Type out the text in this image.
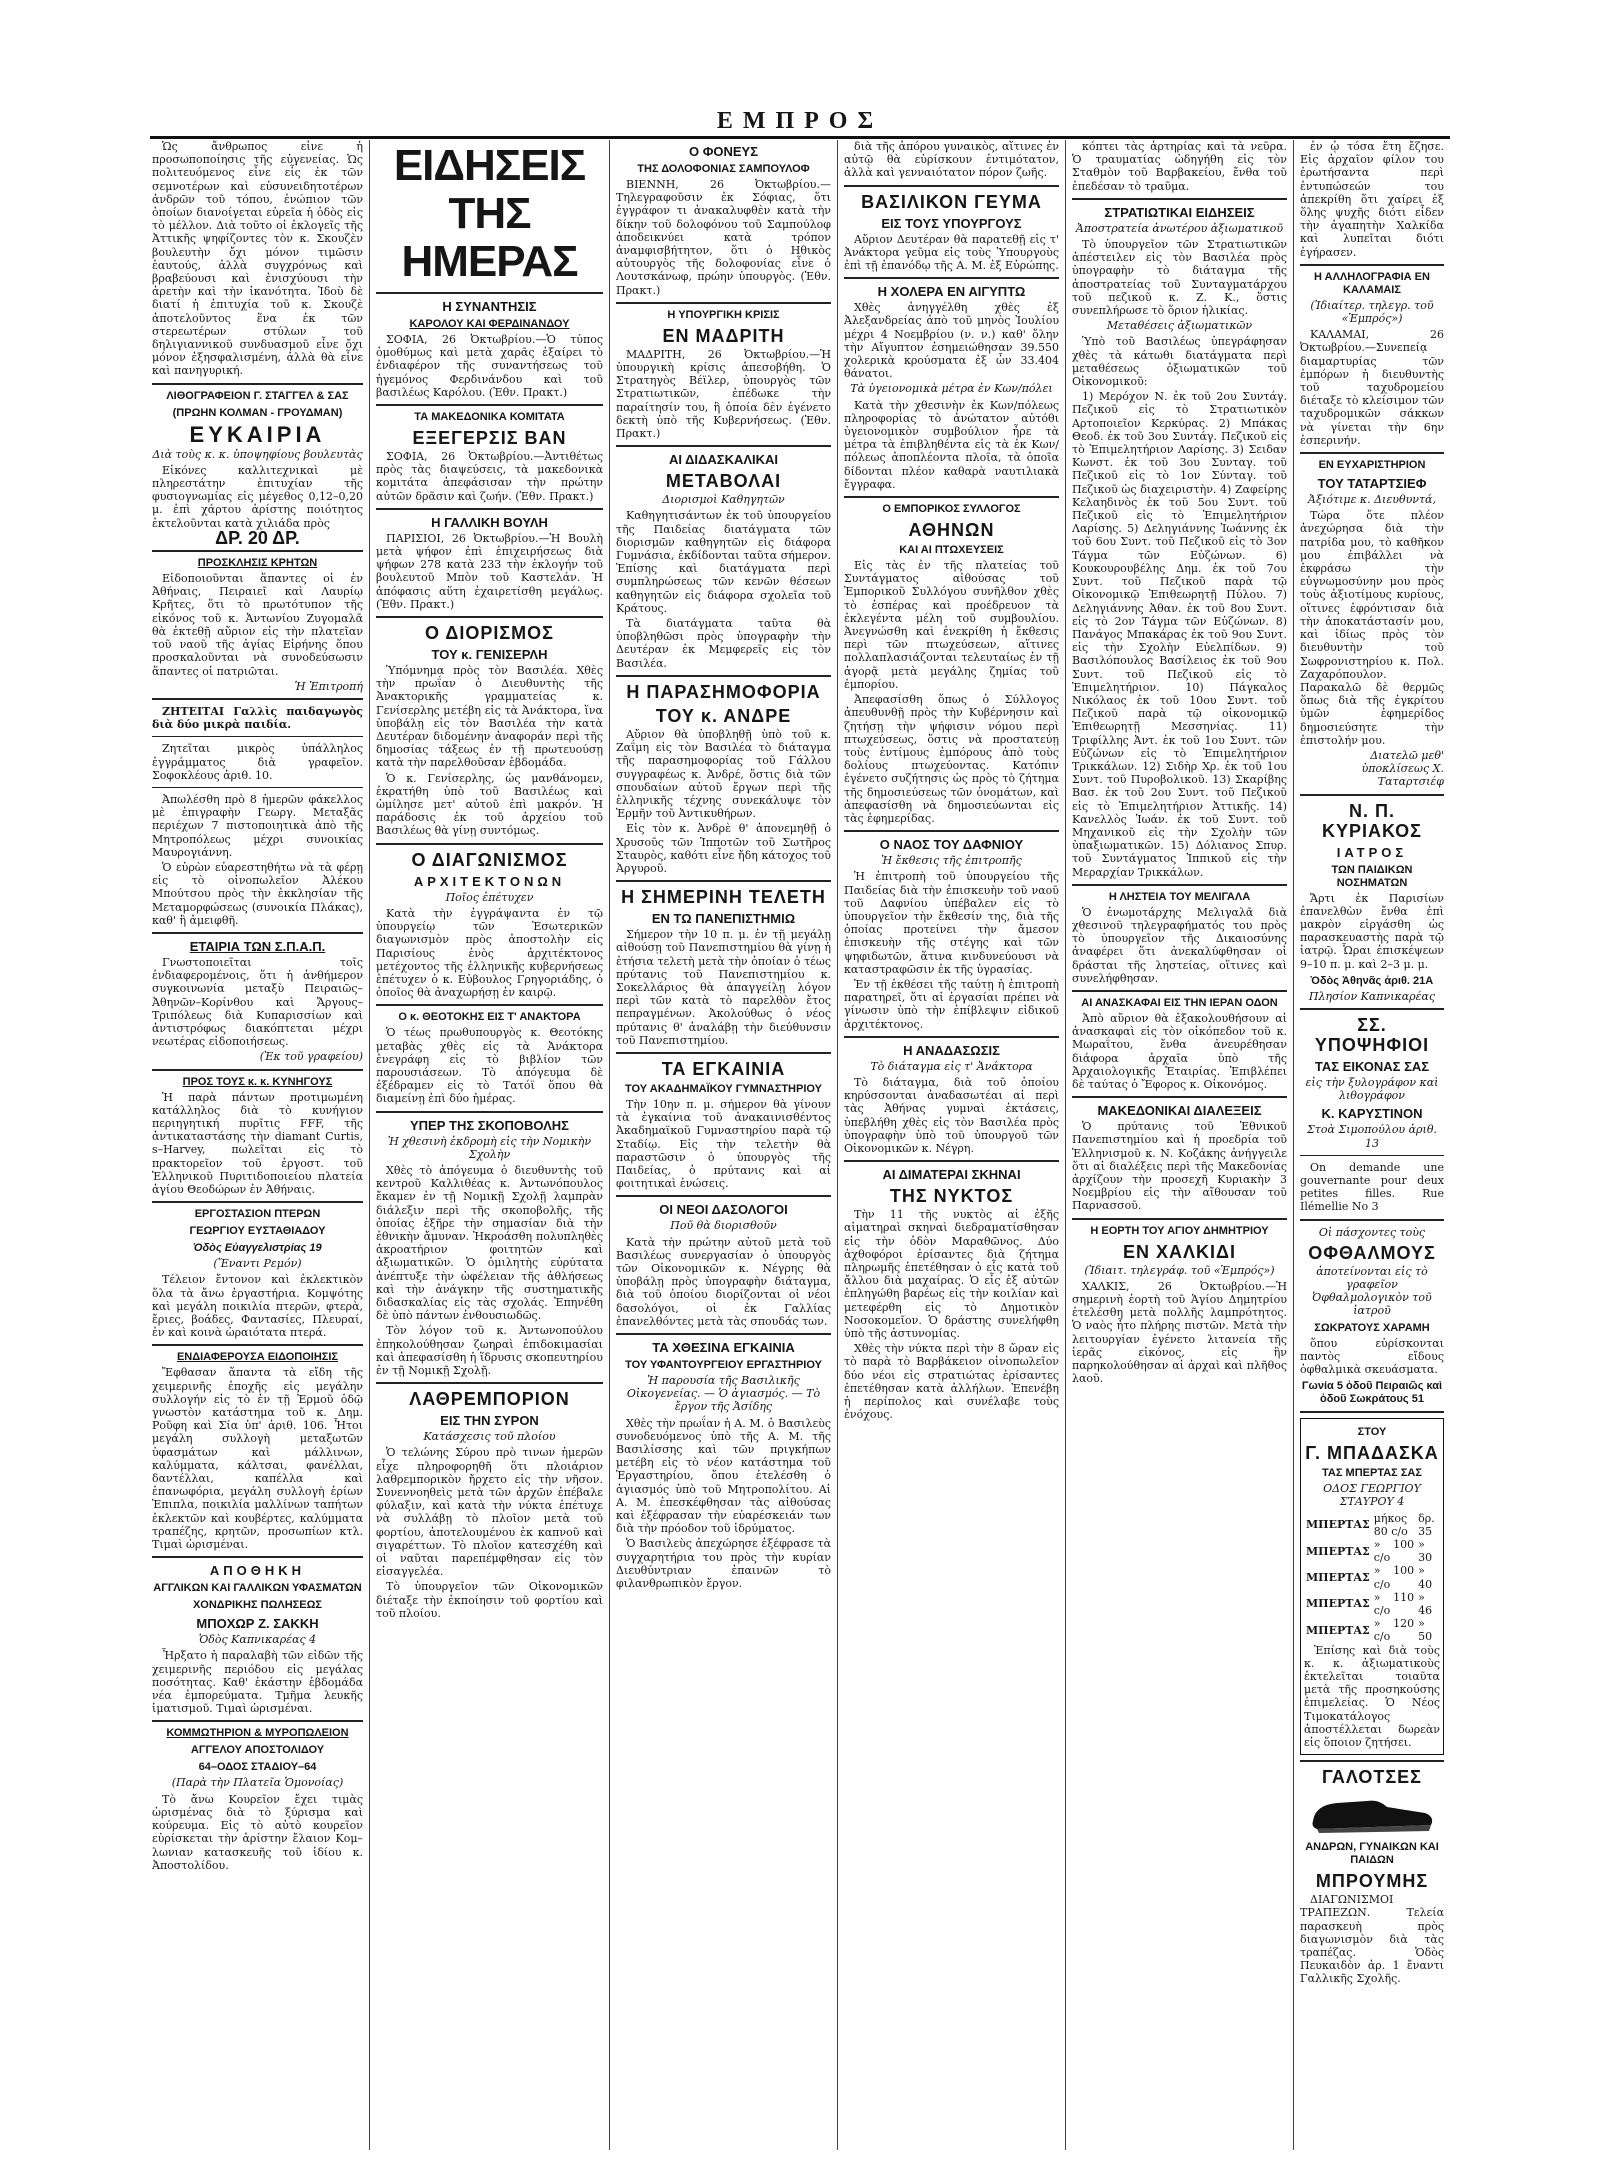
ΕΜΠΡΟΣ

Ὡς ἄνθρωπος εἶνε ἡ προσωποποίησις τῆς εὐγενείας. Ὡς πολιτευόμενος εἶνε εἷς ἐκ τῶν σεμνοτέρων καὶ εὐσυνειδητοτέρων ἀνδρῶν τοῦ τόπου, ἐνώπιον τῶν ὁποίων διανοίγεται εὐρεῖα ἡ ὁδὸς εἰς τὸ μέλλον. Διὰ τοῦτο οἱ ἐκλογεῖς τῆς Ἀττικῆς ψηφίζοντες τὸν κ. Σκουζὲν βουλευτὴν ὄχι μόνον τιμῶσιν ἑαυτούς, ἀλλὰ συγχρόνως καὶ βραβεύουσι καὶ ἐνισχύουσι τὴν ἀρετὴν καὶ τὴν ἱκανότητα. Ἰδοὺ δὲ διατί ἡ ἐπιτυχία τοῦ κ. Σκουζὲ ἀποτελοῦντος ἕνα ἐκ τῶν στερεωτέρων στύλων τοῦ δηλιγιαννικοῦ συνδυασμοῦ εἶνε ὄχι μόνον ἐξησφαλισμένη, ἀλλὰ θὰ εἶνε καὶ πανηγυρική.

ΛΙΘΟΓΡΑΦΕΙΟΝ Γ. ΣΤΑΓΓΕΛ & ΣΑΣ
(ΠΡΩΗΝ ΚΟΛΜΑΝ - ΓΡΟΥΔΜΑΝ)
ΕΥΚΑΙΡΙΑ
Διὰ τοὺς κ. κ. ὑποψηφίους βουλευτὰς

Εἰκόνες καλλιτεχνικαὶ μὲ πληρεστάτην ἐπιτυχίαν τῆς φυσιογνωμίας εἰς μέγεθος 0,12–0,20 μ. ἐπὶ χάρτου ἀρίστης ποιότητος ἐκτελοῦνται κατὰ χιλιάδα πρὸς

ΔΡ. 20 ΔΡ.
ΠΡΟΣΚΛΗΣΙΣ ΚΡΗΤΩΝ

Εἰδοποιοῦνται ἅπαντες οἱ ἐν Ἀθήναις, Πειραιεῖ καὶ Λαυρίῳ Κρῆτες, ὅτι τὸ πρωτότυπον τῆς εἰκόνος τοῦ κ. Ἀντωνίου Ζυγομαλᾶ θὰ ἐκτεθῇ αὔριον εἰς τὴν πλατεῖαν τοῦ ναοῦ τῆς ἁγίας Εἰρήνης ὅπου προσκαλοῦνται νὰ συνοδεύσωσιν ἅπαντες οἱ πατριῶται.

Ἡ Ἐπιτροπή

ΖΗΤΕΙΤΑΙ Γαλλὶς παιδαγωγὸς διὰ δύο μικρὰ παιδία.

Ζητεῖται μικρὸς ὑπάλληλος ἐγγράμματος διὰ γραφεῖον. Σοφοκλέους ἀριθ. 10.

Ἀπωλέσθη πρὸ 8 ἡμερῶν φάκελλος μὲ ἐπιγραφὴν Γεωργ. Μεταξᾶς περιέχων 7 πιστοποιητικὰ ἀπὸ τῆς Μητροπόλεως μέχρι συνοικίας Μαυρογιάννη.

Ὁ εὑρὼν εὐαρεστηθήτω νὰ τὰ φέρῃ εἰς τὸ οἰνοπωλεῖον Ἀλέκου Μπούτσου πρὸς τὴν ἐκκλησίαν τῆς Μεταμορφώσεως (συνοικία Πλάκας), καθ' ἣ ἀμειφθῆ.

ΕΤΑΙΡΙΑ ΤΩΝ Σ.Π.Α.Π.

Γνωστοποιεῖται τοῖς ἐνδιαφερομένοις, ὅτι ἡ ἀνθήμερον συγκοινωνία μεταξὺ Πειραιῶς–Ἀθηνῶν–Κορίνθου καὶ Ἄργους–Τριπόλεως διὰ Κυπαρισσίων καὶ ἀντιστρόφως διακόπτεται μέχρι νεωτέρας εἰδοποιήσεως.

(Ἐκ τοῦ γραφείου)
ΠΡΟΣ ΤΟΥΣ κ. κ. ΚΥΝΗΓΟΥΣ

Ἡ παρὰ πάντων προτιμωμένη κατάλληλος διὰ τὸ κυνήγιον περιηγητική πυρῖτις FFF, τῆς ἀντικαταστάσης τὴν diamant Curtis, s–Harvey, πωλεῖται εἰς τὸ πρακτορεῖον τοῦ ἐργοστ. τοῦ Ἑλληνικοῦ Πυριτιδοποιείου πλατεία ἁγίου Θεοδώρων ἐν Ἀθήναις.

ΕΡΓΟΣΤΑΣΙΟΝ ΠΤΕΡΩΝ
ΓΕΩΡΓΙΟΥ ΕΥΣΤΑΘΙΑΔΟΥ
Ὁδὸς Εὐαγγελιστρίας 19
(Ἔναντι Ρεμόν)

Τέλειον ἔντονον καὶ ἐκλεκτικὸν ὅλα τὰ ἄνω ἐργαστήρια. Κομψότης καὶ μεγάλη ποικιλία πτερῶν, φτερὰ, ἔριες, βοάδες, Φαντασίες, Πλευραί, ἐν καὶ κοινὰ ὡραιότατα πτερά.

ΕΝΔΙΑΦΕΡΟΥΣΑ ΕΙΔΟΠΟΙΗΣΙΣ

Ἔφθασαν ἅπαντα τὰ εἴδη τῆς χειμερινῆς ἐποχῆς εἰς μεγάλην συλλογήν εἰς τὸ ἐν τῇ Ἑρμοῦ ὁδῷ γνωστὸν κατάστημα τοῦ κ. Δημ. Ροῦφη καὶ Σία ὑπ' ἀριθ. 106. Ἦτοι μεγάλη συλλογὴ μεταξωτῶν ὑφασμάτων καὶ μάλλινων, καλύμματα, κάλτσαι, φανέλλαι, δαντέλλαι, καπέλλα καὶ ἐπανωφόρια, μεγάλη συλλογὴ ἐρίων Ἐπιπλα, ποικιλία μαλλίνων ταπήτων ἐκλεκτῶν καὶ κουβέρτες, καλύμματα τραπέζης, κρητῶν, προσωπίων κτλ. Τιμαὶ ὡρισμέναι.

ΑΠΟΘΗΚΗ
ΑΓΓΛΙΚΩΝ ΚΑΙ ΓΑΛΛΙΚΩΝ ΥΦΑΣΜΑΤΩΝ
ΧΟΝΔΡΙΚΗΣ ΠΩΛΗΣΕΩΣ
ΜΠΟΧΩΡ Ζ. ΣΑΚΚΗ
Ὁδὸς Καπνικαρέας 4

Ἦρξατο ἡ παραλαβὴ τῶν εἰδῶν τῆς χειμερινῆς περιόδου εἰς μεγάλας ποσότητας. Καθ' ἑκάστην ἑβδομάδα νέα ἐμπορεύματα. Τμῆμα λευκῆς ἱματισμοῦ. Τιμαὶ ὡρισμέναι.

ΚΟΜΜΩΤΗΡΙΟΝ & ΜΥΡΟΠΩΛΕΙΟΝ
ΑΓΓΕΛΟΥ ΑΠΟΣΤΟΛΙΔΟΥ
64–ΟΔΟΣ ΣΤΑΔΙΟΥ–64
(Παρὰ τὴν Πλατεῖα Ὁμονοίας)

Τὸ ἄνω Κουρεῖον ἔχει τιμὰς ὡρισμένας διὰ τὸ ξύρισμα καὶ κούρευμα. Εἰς τὸ αὐτὸ κουρεῖον εὑρίσκεται τὴν ἀρίστην ἔλαιον Κομ–λωνιαν κατασκευῆς τοῦ ἰδίου κ. Ἀποστολίδου.

ΕΙΔΗΣΕΙΣ ΤΗΣ ΗΜΕΡΑΣ
Η ΣΥΝΑΝΤΗΣΙΣ
ΚΑΡΟΛΟΥ ΚΑΙ ΦΕΡΔΙΝΑΝΔΟΥ

ΣΟΦΙΑ, 26 Ὀκτωβρίου.—Ὁ τύπος ὁμοθύμως καὶ μετὰ χαρᾶς ἐξαίρει τὸ ἐνδιαφέρον τῆς συναντήσεως τοῦ ἡγεμόνος Φερδινάνδου καὶ τοῦ βασιλέως Καρόλου. (Ἐθν. Πρακτ.)

ΤΑ ΜΑΚΕΔΟΝΙΚΑ ΚΟΜΙΤΑΤΑ
ΕΞΕΓΕΡΣΙΣ ΒΑΝ

ΣΟΦΙΑ, 26 Ὀκτωβρίου.—Ἀντιθέτως πρὸς τὰς διαψεύσεις, τὰ μακεδονικὰ κομιτάτα ἀπεφάσισαν τὴν πρώτην αὐτῶν δρᾶσιν καὶ ζωήν. (Ἐθν. Πρακτ.)

Η ΓΑΛΛΙΚΗ ΒΟΥΛΗ

ΠΑΡΙΣΙΟΙ, 26 Ὀκτωβρίου.—Ἡ Βουλὴ μετὰ ψήφον ἐπὶ ἐπιχειρήσεως διὰ ψήφων 278 κατὰ 233 τὴν ἐκλογήν τοῦ βουλευτοῦ Μπὸν τοῦ Καστελάν. Ἡ ἀπόφασις αὕτη ἐχαιρετίσθη μεγάλως. (Ἐθν. Πρακτ.)

Ο ΔΙΟΡΙΣΜΟΣ
ΤΟΥ κ. ΓΕΝΙΣΕΡΛΗ

Ὑπόμνημα πρὸς τὸν Βασιλέα. Χθὲς τὴν πρωΐαν ὁ Διευθυντὴς τῆς Ἀνακτορικῆς γραμματείας κ. Γενίσερλης μετέβη εἰς τὰ Ἀνάκτορα, ἵνα ὑποβάλῃ εἰς τὸν Βασιλέα τὴν κατὰ Δευτέραν διδομένην ἀναφοράν περὶ τῆς δημοσίας τάξεως ἐν τῇ πρωτευούσῃ κατὰ τὴν παρελθοῦσαν ἑβδομάδα.

Ὁ κ. Γενίσερλης, ὡς μανθάνομεν, ἐκρατήθη ὑπὸ τοῦ Βασιλέως καὶ ὡμίλησε μετ' αὐτοῦ ἐπὶ μακρόν. Ἡ παράδοσις ἐκ τοῦ ἀρχείου τοῦ Βασιλέως θὰ γίνῃ συντόμως.

Ο ΔΙΑΓΩΝΙΣΜΟΣ
ΑΡΧΙΤΕΚΤΟΝΩΝ
Ποῖος ἐπέτυχεν

Κατὰ τὴν ἐγγράψαντα ἐν τῷ ὑπουργείῳ τῶν Ἐσωτερικῶν διαγωνισμὸν πρὸς ἀποστολὴν εἰς Παρισίους ἑνὸς ἀρχιτέκτονος μετέχοντος τῆς ἑλληνικῆς κυβερνήσεως ἐπέτυχεν ὁ κ. Εὐβουλος Γρηγοριάδης, ὁ ὁποῖος θὰ ἀναχωρήσῃ ἐν καιρῷ.

Ο κ. ΘΕΟΤΟΚΗΣ ΕΙΣ Τ' ΑΝΑΚΤΟΡΑ

Ὁ τέως πρωθυπουργὸς κ. Θεοτόκης μεταβὰς χθὲς εἰς τὰ Ἀνάκτορα ἐνεγράφη εἰς τὸ βιβλίον τῶν παρουσιάσεων. Τὸ ἀπόγευμα δὲ ἐξέδραμεν εἰς τὸ Τατόϊ ὅπου θὰ διαμείνῃ ἐπὶ δύο ἡμέρας.

ΥΠΕΡ ΤΗΣ ΣΚΟΠΟΒΟΛΗΣ
Ἡ χθεσινὴ ἐκδρομὴ εἰς τὴν Νομικὴν Σχολὴν

Χθὲς τὸ ἀπόγευμα ὁ διευθυντὴς τοῦ κεντροῦ Καλλιθέας κ. Ἀντωνόπουλος ἔκαμεν ἐν τῇ Νομικῇ Σχολῇ λαμπρὰν διάλεξιν περὶ τῆς σκοποβολῆς, τῆς ὁποίας ἐξῆρε τὴν σημασίαν διὰ τὴν ἐθνικὴν ἄμυναν. Ἠκροάσθη πολυπληθὲς ἀκροατήριον φοιτητῶν καὶ ἀξιωματικῶν. Ὁ ὁμιλητὴς εὐρύτατα ἀνέπτυξε τὴν ὠφέλειαν τῆς ἀθλήσεως καὶ τὴν ἀνάγκην τῆς συστηματικῆς διδασκαλίας εἰς τὰς σχολάς. Ἐπηνέθη δὲ ὑπὸ πάντων ἐνθουσιωδῶς.

Τὸν λόγον τοῦ κ. Ἀντωνοπούλου ἐπηκολούθησαν ζωηραὶ ἐπιδοκιμασίαι καὶ ἀπεφασίσθη ἡ ἵδρυσις σκοπευτηρίου ἐν τῇ Νομικῇ Σχολῇ.

ΛΑΘΡΕΜΠΟΡΙΟΝ
ΕΙΣ ΤΗΝ ΣΥΡΟΝ
Κατάσχεσις τοῦ πλοίου

Ὁ τελώνης Σύρου πρὸ τινων ἡμερῶν εἶχε πληροφορηθῆ ὅτι πλοιάριον λαθρεμπορικὸν ἤρχετο εἰς τὴν νῆσον. Συνεννοηθεὶς μετὰ τῶν ἀρχῶν ἐπέβαλε φύλαξιν, καὶ κατὰ τὴν νύκτα ἐπέτυχε νὰ συλλάβῃ τὸ πλοῖον μετὰ τοῦ φορτίου, ἀποτελουμένου ἐκ καπνοῦ καὶ σιγαρέττων. Τὸ πλοῖον κατεσχέθη καὶ οἱ ναῦται παρεπέμφθησαν εἰς τὸν εἰσαγγελέα.

Τὸ ὑπουργεῖον τῶν Οἰκονομικῶν διέταξε τὴν ἐκποίησιν τοῦ φορτίου καὶ τοῦ πλοίου.

Ο ΦΟΝΕΥΣ
ΤΗΣ ΔΟΛΟΦΟΝΙΑΣ ΣΑΜΠΟΥΛΟΦ

ΒΙΕΝΝΗ, 26 Ὀκτωβρίου.—Τηλεγραφοῦσιν ἐκ Σόφιας, ὅτι ἐγγράφον τι ἀνακαλυφθὲν κατὰ τὴν δίκην τοῦ δολοφόνου τοῦ Σαμπούλοφ ἀποδεικνύει κατὰ τρόπον ἀναμφισβήτητον, ὅτι ὁ Ηθικὸς αὐτουργὸς τῆς δολοφονίας εἶνε ὁ Λουτσκάνωφ, πρώην ὑπουργὸς. (Ἐθν. Πρακτ.)

Η ΥΠΟΥΡΓΙΚΗ ΚΡΙΣΙΣ
ΕΝ ΜΑΔΡΙΤΗ

ΜΑΔΡΙΤΗ, 26 Ὀκτωβρίου.—Ἡ ὑπουργικὴ κρίσις ἀπεσοβήθη. Ὁ Στρατηγὸς Βέϊλερ, ὑπουργὸς τῶν Στρατιωτικῶν, ἐπέδωκε τὴν παραίτησίν του, ἣ ὁποία δὲν ἐγένετο δεκτὴ ὑπὸ τῆς Κυβερνήσεως. (Ἐθν. Πρακτ.)

ΑΙ ΔΙΔΑΣΚΑΛΙΚΑΙ
ΜΕΤΑΒΟΛΑΙ
Διορισμοὶ Καθηγητῶν

Καθηγητισάντων ἐκ τοῦ ὑπουργείου τῆς Παιδείας διατάγματα τῶν διορισμῶν καθηγητῶν εἰς διάφορα Γυμνάσια, ἐκδίδονται ταῦτα σήμερον. Ἐπίσης καὶ διατάγματα περὶ συμπληρώσεως τῶν κενῶν θέσεων καθηγητῶν εἰς διάφορα σχολεῖα τοῦ Κράτους.

Τὰ διατάγματα ταῦτα θὰ ὑποβληθῶσι πρὸς ὑπογραφὴν τὴν Δευτέραν ἐκ Μεμφερεῖς εἰς τὸν Βασιλέα.

Η ΠΑΡΑΣΗΜΟΦΟΡΙΑ
ΤΟΥ κ. ΑΝΔΡΕ

Αὔριον θὰ ὑποβληθῇ ὑπὸ τοῦ κ. Ζαΐμη εἰς τὸν Βασιλέα τὸ διάταγμα τῆς παρασημοφορίας τοῦ Γάλλου συγγραφέως κ. Ἀνδρέ, ὅστις διὰ τῶν σπουδαίων αὐτοῦ ἔργων περὶ τῆς ἑλληνικῆς τέχνης συνεκάλυψε τὸν Ἑρμῆν τοῦ Ἀντικυθήρων.

Εἰς τὸν κ. Ἀνδρὲ θ' ἀπονεμηθῇ ὁ Χρυσοῦς τῶν Ἱπποτῶν τοῦ Σωτῆρος Σταυρὸς, καθότι εἶνε ἤδη κάτοχος τοῦ Ἀργυροῦ.

Η ΣΗΜΕΡΙΝΗ ΤΕΛΕΤΗ
ΕΝ ΤΩ ΠΑΝΕΠΙΣΤΗΜΙΩ

Σήμερον τὴν 10 π. μ. ἐν τῇ μεγάλῃ αἰθούσῃ τοῦ Πανεπιστημίου θὰ γίνῃ ἡ ἐτήσια τελετὴ μετὰ τὴν ὁποίαν ὁ τέως πρύτανις τοῦ Πανεπιστημίου κ. Σοκελλάριος θὰ ἀπαγγείλῃ λόγον περὶ τῶν κατὰ τὸ παρελθὸν ἔτος πεπραγμένων. Ἀκολούθως ὁ νέος πρύτανις θ' ἀναλάβῃ τὴν διεύθυνσιν τοῦ Πανεπιστημίου.

ΤΑ ΕΓΚΑΙΝΙΑ
ΤΟΥ ΑΚΑΔΗΜΑΪΚΟΥ ΓΥΜΝΑΣΤΗΡΙΟΥ

Τὴν 10ην π. μ. σήμερον θὰ γίνουν τὰ ἐγκαίνια τοῦ ἀνακαινισθέντος Ἀκαδημαϊκοῦ Γυμναστηρίου παρὰ τῷ Σταδίῳ. Εἰς τὴν τελετὴν θὰ παραστῶσιν ὁ ὑπουργὸς τῆς Παιδείας, ὁ πρύτανις καὶ αἱ φοιτητικαὶ ἑνώσεις.

ΟΙ ΝΕΟΙ ΔΑΣΟΛΟΓΟΙ
Ποῦ θὰ διορισθοῦν

Κατὰ τὴν πρώτην αὐτοῦ μετὰ τοῦ Βασιλέως συνεργασίαν ὁ ὑπουργὸς τῶν Οἰκονομικῶν κ. Νέγρης θὰ ὑποβάλῃ πρὸς ὑπογραφὴν διάταγμα, διὰ τοῦ ὁποίου διορίζονται οἱ νέοι δασολόγοι, οἱ ἐκ Γαλλίας ἐπανελθόντες μετὰ τὰς σπουδάς των.

ΤΑ ΧΘΕΣΙΝΑ ΕΓΚΑΙΝΙΑ
ΤΟΥ ΥΦΑΝΤΟΥΡΓΕΙΟΥ ΕΡΓΑΣΤΗΡΙΟΥ
Ἡ παρουσία τῆς Βασιλικῆς Οἰκογενείας. — Ὁ ἁγιασμός. — Τὸ ἔργον τῆς Ἀσίδης

Χθὲς τὴν πρωΐαν ἡ Α. Μ. ὁ Βασιλεὺς συνοδευόμενος ὑπὸ τῆς Α. Μ. τῆς Βασιλίσσης καὶ τῶν πριγκήπων μετέβη εἰς τὸ νέον κατάστημα τοῦ Ἐργαστηρίου, ὅπου ἐτελέσθη ὁ ἁγιασμός ὑπὸ τοῦ Μητροπολίτου. Αἱ Α. Μ. ἐπεσκέφθησαν τὰς αἰθούσας καὶ ἐξέφρασαν τὴν εὐαρέσκειάν των διὰ τὴν πρόοδον τοῦ ἱδρύματος.

Ὁ Βασιλεὺς ἀπεχώρησε ἐξέφρασε τὰ συγχαρητήρια του πρὸς τὴν κυρίαν Διευθύντριαν ἐπαινῶν τὸ φιλανθρωπικὸν ἔργον.

διὰ τῆς ἀπόρου γυναικὸς, αἵτινες ἐν αὐτῷ θὰ εὑρίσκουν ἐντιμότατον, ἀλλὰ καὶ γενναιότατον πόρον ζωῆς.

ΒΑΣΙΛΙΚΟΝ ΓΕΥΜΑ
ΕΙΣ ΤΟΥΣ ΥΠΟΥΡΓΟΥΣ

Αὔριον Δευτέραν θὰ παρατεθῇ εἰς τ' Ἀνάκτορα γεῦμα εἰς τοὺς Ὑπουργοὺς ἐπὶ τῇ ἐπανόδῳ τῆς Α. Μ. ἐξ Εὐρώπης.

Η ΧΟΛΕΡΑ ΕΝ ΑΙΓΥΠΤΩ

Χθὲς ἀνηγγέλθη χθὲς ἐξ Ἀλεξανδρείας ἀπὸ τοῦ μηνὸς Ἰουλίου μέχρι 4 Νοεμβρίου (ν. ν.) καθ' ὅλην τὴν Αἴγυπτον ἐσημειώθησαν 39.550 χολερικὰ κρούσματα ἐξ ὧν 33.404 θάνατοι.

Τὰ ὑγειονομικὰ μέτρα ἐν Κων/πόλει

Κατὰ τὴν χθεσινὴν ἐκ Κων/πόλεως πληροφορίας τὸ ἀνώτατον αὐτόθι ὑγειονομικὸν συμβούλιον ἦρε τὰ μέτρα τὰ ἐπιβληθέντα εἰς τὰ ἐκ Κων/πόλεως ἀποπλέοντα πλοῖα, τὰ ὁποῖα δίδονται πλέον καθαρὰ ναυτιλιακὰ ἔγγραφα.

Ο ΕΜΠΟΡΙΚΟΣ ΣΥΛΛΟΓΟΣ
ΑΘΗΝΩΝ
ΚΑΙ ΑΙ ΠΤΩΧΕΥΣΕΙΣ

Εἰς τὰς ἐν τῆς πλατείας τοῦ Συντάγματος αἰθούσας τοῦ Ἐμπορικοῦ Συλλόγου συνῆλθον χθὲς τὸ ἑσπέρας καὶ προέδρευον τὰ ἐκλεγέντα μέλη τοῦ συμβουλίου. Ἀνεγνώσθη καὶ ἐνεκρίθη ἡ ἔκθεσις περὶ τῶν πτωχεύσεων, αἵτινες πολλαπλασιάζονται τελευταίως ἐν τῇ ἀγορᾷ μετὰ μεγάλης ζημίας τοῦ ἐμπορίου.

Ἀπεφασίσθη ὅπως ὁ Σύλλογος ἀπευθυνθῇ πρὸς τὴν Κυβέρνησιν καὶ ζητήσῃ τὴν ψήφισιν νόμου περὶ πτωχεύσεως, ὅστις νὰ προστατεύῃ τοὺς ἐντίμους ἐμπόρους ἀπὸ τοὺς δολίους πτωχεύοντας. Κατόπιν ἐγένετο συζήτησις ὡς πρὸς τὸ ζήτημα τῆς δημοσιεύσεως τῶν ὀνομάτων, καὶ ἀπεφασίσθη νὰ δημοσιεύωνται εἰς τὰς ἐφημερίδας.

Ο ΝΑΟΣ ΤΟΥ ΔΑΦΝΙΟΥ
Ἡ ἔκθεσις τῆς ἐπιτροπῆς

Ἡ ἐπιτροπὴ τοῦ ὑπουργείου τῆς Παιδείας διὰ τὴν ἐπισκευὴν τοῦ ναοῦ τοῦ Δαφνίου ὑπέβαλεν εἰς τὸ ὑπουργεῖον τὴν ἔκθεσίν της, διὰ τῆς ὁποίας προτείνει τὴν ἄμεσον ἐπισκευὴν τῆς στέγης καὶ τῶν ψηφιδωτῶν, ἅτινα κινδυνεύουσι νὰ καταστραφῶσιν ἐκ τῆς ὑγρασίας.

Ἐν τῇ ἐκθέσει τῆς ταύτῃ ἡ ἐπιτροπὴ παρατηρεῖ, ὅτι αἱ ἐργασίαι πρέπει νὰ γίνωσιν ὑπὸ τὴν ἐπίβλεψιν εἰδικοῦ ἀρχιτέκτονος.

Η ΑΝΑΔΑΣΩΣΙΣ
Τὸ διάταγμα εἰς τ' Ἀνάκτορα

Τὸ διάταγμα, διὰ τοῦ ὁποίου κηρύσσονται ἀναδασωτέαι αἱ περὶ τὰς Ἀθήνας γυμναὶ ἐκτάσεις, ὑπεβλήθη χθὲς εἰς τὸν Βασιλέα πρὸς ὑπογραφὴν ὑπὸ τοῦ ὑπουργοῦ τῶν Οἰκονομικῶν κ. Νέγρη.

ΑΙ ΔΙΜΑΤΕΡΑΙ ΣΚΗΝΑΙ
ΤΗΣ ΝΥΚΤΟΣ

Τὴν 11 τῆς νυκτὸς αἱ ἐξῆς αἱματηραὶ σκηναὶ διεδραματίσθησαν εἰς τὴν ὁδὸν Μαραθῶνος. Δύο ἀχθοφόροι ἐρίσαντες διὰ ζήτημα πληρωμῆς ἐπετέθησαν ὁ εἷς κατὰ τοῦ ἄλλου διὰ μαχαίρας. Ὁ εἷς ἐξ αὐτῶν ἐπληγώθη βαρέως εἰς τὴν κοιλίαν καὶ μετεφέρθη εἰς τὸ Δημοτικὸν Νοσοκομεῖον. Ὁ δράστης συνελήφθη ὑπὸ τῆς ἀστυνομίας.

Χθὲς τὴν νύκτα περὶ τὴν 8 ὥραν εἰς τὸ παρὰ τὸ Βαρβάκειον οἰνοπωλεῖον δύο νέοι εἰς στρατιώτας ἐρίσαντες ἐπετέθησαν κατὰ ἀλλήλων. Ἐπενέβη ἡ περίπολος καὶ συνέλαβε τοὺς ἐνόχους.

κόπτει τὰς ἀρτηρίας καὶ τὰ νεῦρα. Ὁ τραυματίας ὡδηγήθη εἰς τὸν Σταθμὸν τοῦ Βαρβακείου, ἔνθα τοῦ ἐπεδέσαν τὸ τραῦμα.

ΣΤΡΑΤΙΩΤΙΚΑΙ ΕΙΔΗΣΕΙΣ
Ἀποστρατεία ἀνωτέρου ἀξιωματικοῦ

Τὸ ὑπουργεῖον τῶν Στρατιωτικῶν ἀπέστειλεν εἰς τὸν Βασιλέα πρὸς ὑπογραφὴν τὸ διάταγμα τῆς ἀποστρατείας τοῦ Συνταγματάρχου τοῦ πεζικοῦ κ. Ζ. Κ., ὅστις συνεπλήρωσε τὸ ὅριον ἡλικίας.

Μεταθέσεις ἀξιωματικῶν

Ὑπὸ τοῦ Βασιλέως ὑπεγράφησαν χθὲς τὰ κάτωθι διατάγματα περὶ μεταθέσεως ὀξιωματικῶν τοῦ Οἰκονομικοῦ:

1) Μερόχον Ν. ἐκ τοῦ 2ου Συντάγ. Πεζικοῦ εἰς τὸ Στρατιωτικὸν Αρτοποιεῖον Κερκύρας. 2) Μπάκας Θεοδ. ἐκ τοῦ 3ου Συντάγ. Πεζικοῦ εἰς τὸ Ἐπιμελητήριον Λαρίσης. 3) Σειδαν Κωνστ. ἐκ τοῦ 3ου Συνταγ. τοῦ Πεζικοῦ εἰς τὸ 1ον Σύνταγ. τοῦ Πεζικοῦ ὡς διαχειριστὴν. 4) Ζαφείρης Κελαηδινὸς ἐκ τοῦ 5ου Συντ. τοῦ Πεζικοῦ εἰς τὸ Ἐπιμελητήριον Λαρίσης. 5) Δεληγιάννης Ἰωάννης ἐκ τοῦ 6ου Συντ. τοῦ Πεζικοῦ εἰς τὸ 3ον Τάγμα τῶν Εὐζώνων. 6) Κουκουρουβέλης Δημ. ἐκ τοῦ 7ου Συντ. τοῦ Πεζικοῦ παρὰ τῷ Οἰκονομικῷ Ἐπιθεωρητῇ Πύλου. 7) Δεληγιάννης Ἀθαν. ἐκ τοῦ 8ου Συντ. εἰς τὸ 2ον Τάγμα τῶν Εὐζώνων. 8) Πανάγος Μπακάρας ἐκ τοῦ 9ου Συντ. εἰς τὴν Σχολὴν Εὐελπίδων. 9) Βασιλόπουλος Βασίλειος ἐκ τοῦ 9ου Συντ. τοῦ Πεζικοῦ εἰς τὸ Ἐπιμελητήριον. 10) Πάγκαλος Νικόλαος ἐκ τοῦ 10ου Συντ. τοῦ Πεζικοῦ παρὰ τῷ οἰκονομικῷ Ἐπιθεωρητῇ Μεσσηνίας. 11) Τριφίλλης Ἀντ. ἐκ τοῦ 1ου Συντ. τῶν Εὐζώνων εἰς τὸ Ἐπιμελητήριον Τρικκάλων. 12) Σιδὴρ Χρ. ἐκ τοῦ 1ου Συντ. τοῦ Πυροβολικοῦ. 13) Σκαρίβης Βασ. ἐκ τοῦ 2ου Συντ. τοῦ Πεζικοῦ εἰς τὸ Ἐπιμελητήριον Ἀττικῆς. 14) Κανελλὸς Ἰωάν. ἐκ τοῦ Συντ. τοῦ Μηχανικοῦ εἰς τὴν Σχολὴν τῶν ὑπαξιωματικῶν. 15) Δόλιανος Σπυρ. τοῦ Συντάγματος Ἱππικοῦ εἰς τὴν Μεραρχίαν Τρικκάλων.

Η ΛΗΣΤΕΙΑ ΤΟΥ ΜΕΛΙΓΑΛΑ

Ὁ ἐνωμοτάρχης Μελιγαλᾶ διὰ χθεσινοῦ τηλεγραφήματός του πρὸς τὸ ὑπουργεῖον τῆς Δικαιοσύνης ἀναφέρει ὅτι ἀνεκαλύφθησαν οἱ δράσται τῆς ληστείας, οἵτινες καὶ συνελήφθησαν.

ΑΙ ΑΝΑΣΚΑΦΑΙ ΕΙΣ ΤΗΝ ΙΕΡΑΝ ΟΔΟΝ

Ἀπὸ αὔριον θὰ ἐξακολουθήσουν αἱ ἀνασκαφαὶ εἰς τὸν οἰκόπεδον τοῦ κ. Μωραΐτου, ἔνθα ἀνευρέθησαν διάφορα ἀρχαῖα ὑπὸ τῆς Ἀρχαιολογικῆς Ἑταιρίας. Ἐπιβλέπει δὲ ταύτας ὁ Ἔφορος κ. Οἰκονόμος.

ΜΑΚΕΔΟΝΙΚΑΙ ΔΙΑΛΕΞΕΙΣ

Ὁ πρύτανις τοῦ Ἐθνικοῦ Πανεπιστημίου καὶ ἡ προεδρία τοῦ Ἑλληνισμοῦ κ. Ν. Κοζάκης ἀνήγγειλε ὅτι αἱ διαλέξεις περὶ τῆς Μακεδονίας ἀρχίζουν τὴν προσεχῆ Κυριακὴν 3 Νοεμβρίου εἰς τὴν αἴθουσαν τοῦ Παρνασσοῦ.

Η ΕΟΡΤΗ ΤΟΥ ΑΓΙΟΥ ΔΗΜΗΤΡΙΟΥ
ΕΝ ΧΑΛΚΙΔΙ
(Ἰδιαιτ. τηλεγράφ. τοῦ «Ἐμπρός»)

ΧΑΛΚΙΣ, 26 Ὀκτωβρίου.—Ἡ σημερινὴ ἑορτὴ τοῦ Ἁγίου Δημητρίου ἐτελέσθη μετὰ πολλῆς λαμπρότητος. Ὁ ναὸς ἦτο πλήρης πιστῶν. Μετὰ τὴν λειτουργίαν ἐγένετο λιτανεία τῆς ἱερᾶς εἰκόνος, εἰς ἣν παρηκολούθησαν αἱ ἀρχαὶ καὶ πλῆθος λαοῦ.

ἐν ᾧ τόσα ἔτη ἔζησε. Εἰς ἀρχαῖον φίλον του ἐρωτήσαντα περὶ ἐντυπώσεών του ἀπεκρίθη ὅτι χαίρει ἐξ ὅλης ψυχῆς διότι εἶδεν τὴν ἀγαπητὴν Χαλκίδα καὶ λυπεῖται διότι ἐγήρασεν.

Η ΑΛΛΗΛΟΓΡΑΦΙΑ ΕΝ ΚΑΛΑΜΑΙΣ
(Ἰδιαίτερ. τηλεγρ. τοῦ «Ἐμπρός»)

ΚΑΛΑΜΑΙ, 26 Ὀκτωβρίου.—Συνεπείᾳ διαμαρτυρίας τῶν ἐμπόρων ἡ διευθυντὴς τοῦ ταχυδρομείου διέταξε τὸ κλείσιμον τῶν ταχυδρομικῶν σάκκων νὰ γίνεται τὴν 6ην ἑσπερινήν.

ΕΝ ΕΥΧΑΡΙΣΤΗΡΙΟΝ
ΤΟΥ ΤΑΤΑΡΤΣΙΕΦ
Ἀξιότιμε κ. Διευθυντά,

Τώρα ὅτε πλέον ἀνεχώρησα διὰ τὴν πατρίδα μου, τὸ καθῆκον μου ἐπιβάλλει νὰ ἐκφράσω τὴν εὐγνωμοσύνην μου πρὸς τοὺς ἀξιοτίμους κυρίους, οἵτινες ἐφρόντισαν διὰ τὴν ἀποκατάστασίν μου, καὶ ἰδίως πρὸς τὸν διευθυντὴν τοῦ Σωφρονιστηρίου κ. Πολ. Ζαχαρόπουλον. Παρακαλῶ δὲ θερμῶς ὅπως διὰ τῆς ἐγκρίτου ὑμῶν ἐφημερίδος δημοσιεύσητε τὴν ἐπιστολήν μου.

Διατελῶ μεθ' ὑποκλίσεως Χ. Ταταρτσιέφ
Ν. Π. ΚΥΡΙΑΚΟΣ
ΙΑΤΡΟΣ
ΤΩΝ ΠΑΙΔΙΚΩΝ ΝΟΣΗΜΑΤΩΝ

Ἄρτι ἐκ Παρισίων ἐπανελθὼν ἔνθα ἐπὶ μακρὸν εἰργάσθη ὡς παρασκευαστὴς παρὰ τῷ ἰατρῷ. Ὧραι ἐπισκέψεων 9–10 π. μ. καὶ 2–3 μ. μ.

Ὁδὸς Ἀθηνᾶς ἀριθ. 21Α
Πλησίον Καπνικαρέας
ΣΣ. ΥΠΟΨΗΦΙΟΙ
ΤΑΣ ΕΙΚΟΝΑΣ ΣΑΣ
εἰς τὴν ξυλογράφον καὶ λιθογράφον
Κ. ΚΑΡΥΣΤΙΝΟΝ
Στοὰ Σιμοπούλου ἀριθ. 13

On demande une gouvernante pour deux petites filles. Rue Ilémellie No 3

Οἱ πάσχοντες τοὺς
ΟΦΘΑΛΜΟΥΣ
ἀποτείνονται εἰς τὸ γραφεῖον Ὀφθαλμολογικὸν τοῦ ἰατροῦ
ΣΩΚΡΑΤΟΥΣ ΧΑΡΑΜΗ

ὅπου εὑρίσκονται παντὸς εἴδους ὀφθαλμικὰ σκευάσματα.

Γωνία 5 ὁδοῦ Πειραιῶς καὶ ὁδοῦ Σωκράτους 51
ΣΤΟΥ
Γ. ΜΠΑΔΑΣΚΑ
ΤΑΣ ΜΠΕΡΤΑΣ ΣΑΣ
ΟΔΟΣ ΓΕΩΡΓΙΟΥ ΣΤΑΥΡΟΥ 4
ΜΠΕΡΤΑΣ	μήκος 80 c/ο	δρ. 35
ΜΠΕΡΤΑΣ	» 100 c/ο	» 30
ΜΠΕΡΤΑΣ	» 100 c/ο	» 40
ΜΠΕΡΤΑΣ	» 110 c/ο	» 46
ΜΠΕΡΤΑΣ	» 120 c/ο	» 50

Ἐπίσης καὶ διὰ τοὺς κ. κ. ἀξιωματικοὺς ἐκτελεῖται τοιαῦτα μετὰ τῆς προσηκούσης ἐπιμελείας. Ὁ Νέος Τιμοκατάλογος ἀποστέλλεται δωρεὰν εἰς ὅποιον ζητήσει.

ΓΑΛΟΤΣΕΣ
ΑΝΔΡΩΝ, ΓΥΝΑΙΚΩΝ ΚΑΙ ΠΑΙΔΩΝ
ΜΠΡΟΥΜΗΣ

ΔΙΑΓΩΝΙΣΜΟΙ ΤΡΑΠΕΖΩΝ. Τελεία παρασκευὴ πρὸς διαγωνισμὸν διὰ τὰς τραπέζας. Ὁδὸς Πευκαιδὸν ἀρ. 1 ἔναντι Γαλλικῆς Σχολῆς.
